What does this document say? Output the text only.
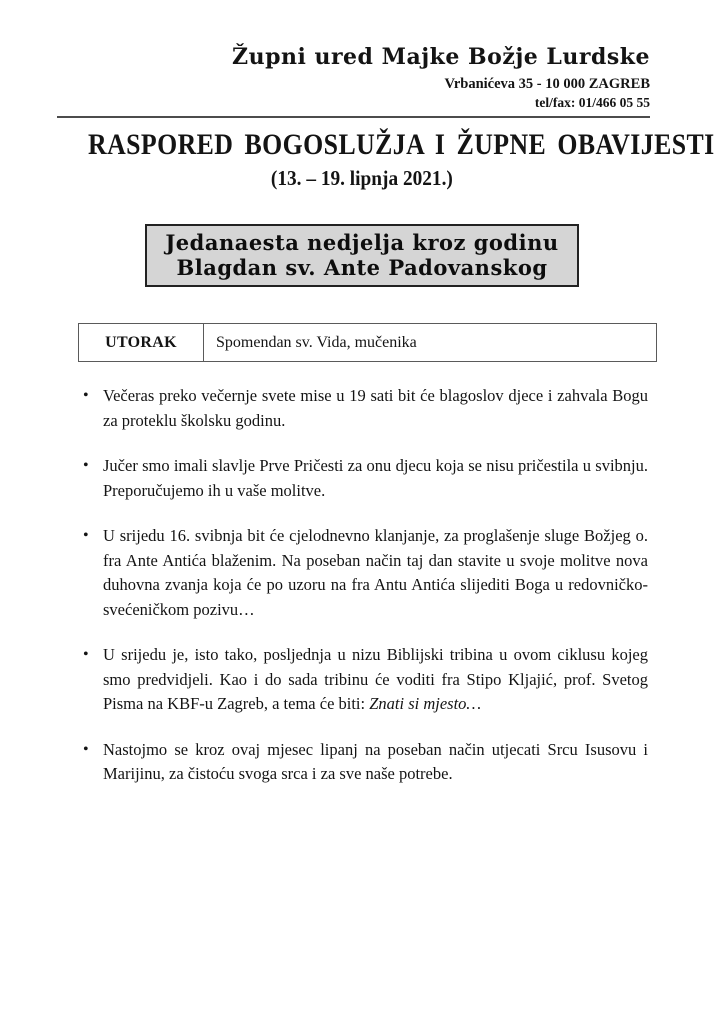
Župni ured Majke Božje Lurdske
Vrbanićeva 35 - 10 000 ZAGREB
tel/fax: 01/466 05 55
RASPORED BOGOSLUŽJA I ŽUPNE OBAVIJESTI
(13. – 19. lipnja 2021.)
Jedanaesta nedjelja kroz godinu
Blagdan sv. Ante Padovanskog
UTORAK	Spomendan sv. Vida, mučenika
• Večeras preko večernje svete mise u 19 sati bit će blagoslov djece i zahvala Bogu za proteklu školsku godinu.
• Jučer smo imali slavlje Prve Pričesti za onu djecu koja se nisu pričestila u svibnju. Preporučujemo ih u vaše molitve.
• U srijedu 16. svibnja bit će cjelodnevno klanjanje, za proglašenje sluge Božjeg o. fra Ante Antića blaženim. Na poseban način taj dan stavite u svoje molitve nova duhovna zvanja koja će po uzoru na fra Antu Antića slijediti Boga u redovničko-svećeničkom pozivu…
• U srijedu je, isto tako, posljednja u nizu Biblijski tribina u ovom ciklusu kojeg smo predvidjeli. Kao i do sada tribinu će voditi fra Stipo Kljajić, prof. Svetog Pisma na KBF-u Zagreb, a tema će biti: Znati si mjesto…
• Nastojmo se kroz ovaj mjesec lipanj na poseban način utjecati Srcu Isusovu i Marijinu, za čistoću svoga srca i za sve naše potrebe.
